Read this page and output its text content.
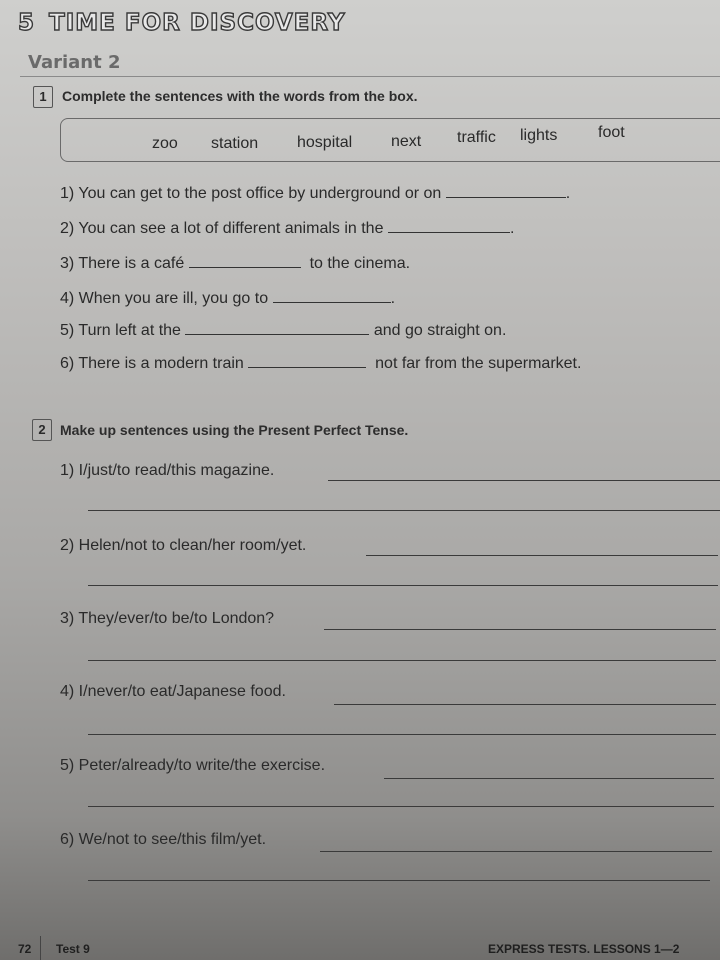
5 TIME FOR DISCOVERY
Variant 2
1	Complete the sentences with the words from the box.
zoo station hospital next traffic lights	foot
1) You can get to the post office by underground or on	.
2) You can see a lot of different animals in the	.
3) There is a café	to the cinema.
4) When you are ill, you go to	.
5) Turn left at the	and go straight on.
6) There is a modern train	not far from the supermarket.
2	Make up sentences using the Present Perfect Tense.
1) I/just/to read/this magazine.
2) Helen/not to clean/her room/yet.
3) They/ever/to be/to London?
4) I/never/to eat/Japanese food.
5) Peter/already/to write/the exercise.
6) We/not to see/this film/yet.
72 Test 9	EXPRESS TESTS. LESSONS 1—2
